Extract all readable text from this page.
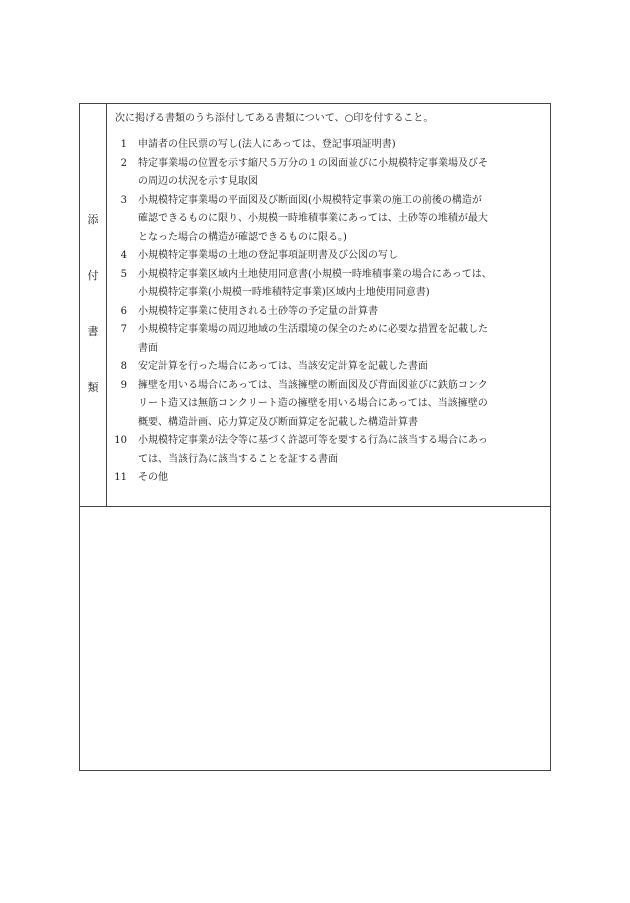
添
付
書
類
次に掲げる書類のうち添付してある書類について、○印を付すること。
1 申請者の住民票の写し(法人にあっては、登記事項証明書)
2 特定事業場の位置を示す縮尺５万分の１の図面並びに小規模特定事業場及びそ
の周辺の状況を示す見取図
3 小規模特定事業場の平面図及び断面図(小規模特定事業の施工の前後の構造が
確認できるものに限り、小規模一時堆積事業にあっては、土砂等の堆積が最大
となった場合の構造が確認できるものに限る。)
4 小規模特定事業場の土地の登記事項証明書及び公図の写し
5 小規模特定事業区域内土地使用同意書(小規模一時堆積事業の場合にあっては、
小規模特定事業(小規模一時堆積特定事業)区域内土地使用同意書)
6 小規模特定事業に使用される土砂等の予定量の計算書
7 小規模特定事業場の周辺地域の生活環境の保全のために必要な措置を記載した
書面
8 安定計算を行った場合にあっては、当該安定計算を記載した書面
9 擁壁を用いる場合にあっては、当該擁壁の断面図及び背面図並びに鉄筋コンク
リート造又は無筋コンクリート造の擁壁を用いる場合にあっては、当該擁壁の
概要、構造計画、応力算定及び断面算定を記載した構造計算書
10 小規模特定事業が法令等に基づく許認可等を要する行為に該当する場合にあっ
ては、当該行為に該当することを証する書面
11 その他
